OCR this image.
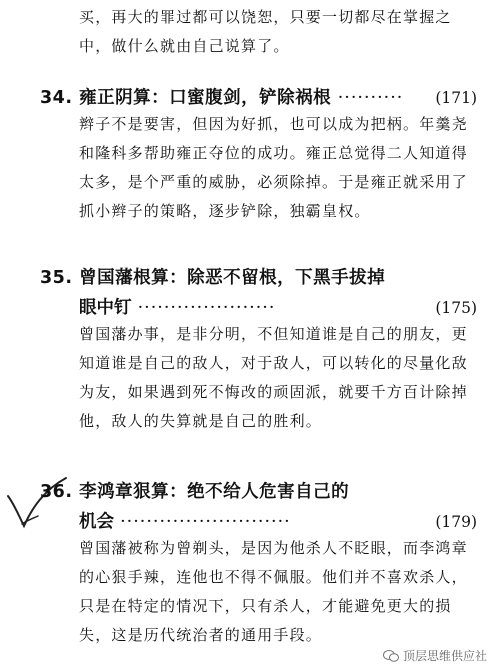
买，再大的罪过都可以饶恕，只要一切都尽在掌握之中，做什么就由自己说算了。
34. 雍正阴算：口蜜腹剑，铲除祸根 ·········· (171)
辫子不是要害，但因为好抓，也可以成为把柄。年羹尧和隆科多帮助雍正夺位的成功。雍正总觉得二人知道得太多，是个严重的威胁，必须除掉。于是雍正就采用了抓小辫子的策略，逐步铲除，独霸皇权。
35. 曾国藩根算：除恶不留根，下黑手拔掉
眼中钉 ·····················	(175)
曾国藩办事，是非分明，不但知道谁是自己的朋友，更知道谁是自己的敌人，对于敌人，可以转化的尽量化敌为友，如果遇到死不悔改的顽固派，就要千方百计除掉他，敌人的失算就是自己的胜利。
36. 李鸿章狠算：绝不给人危害自己的
机会 ··························	(179)
曾国藩被称为曾剃头，是因为他杀人不眨眼，而李鸿章的心狠手辣，连他也不得不佩服。他们并不喜欢杀人，只是在特定的情况下，只有杀人，才能避免更大的损失，这是历代统治者的通用手段。
顶层思维供应社
